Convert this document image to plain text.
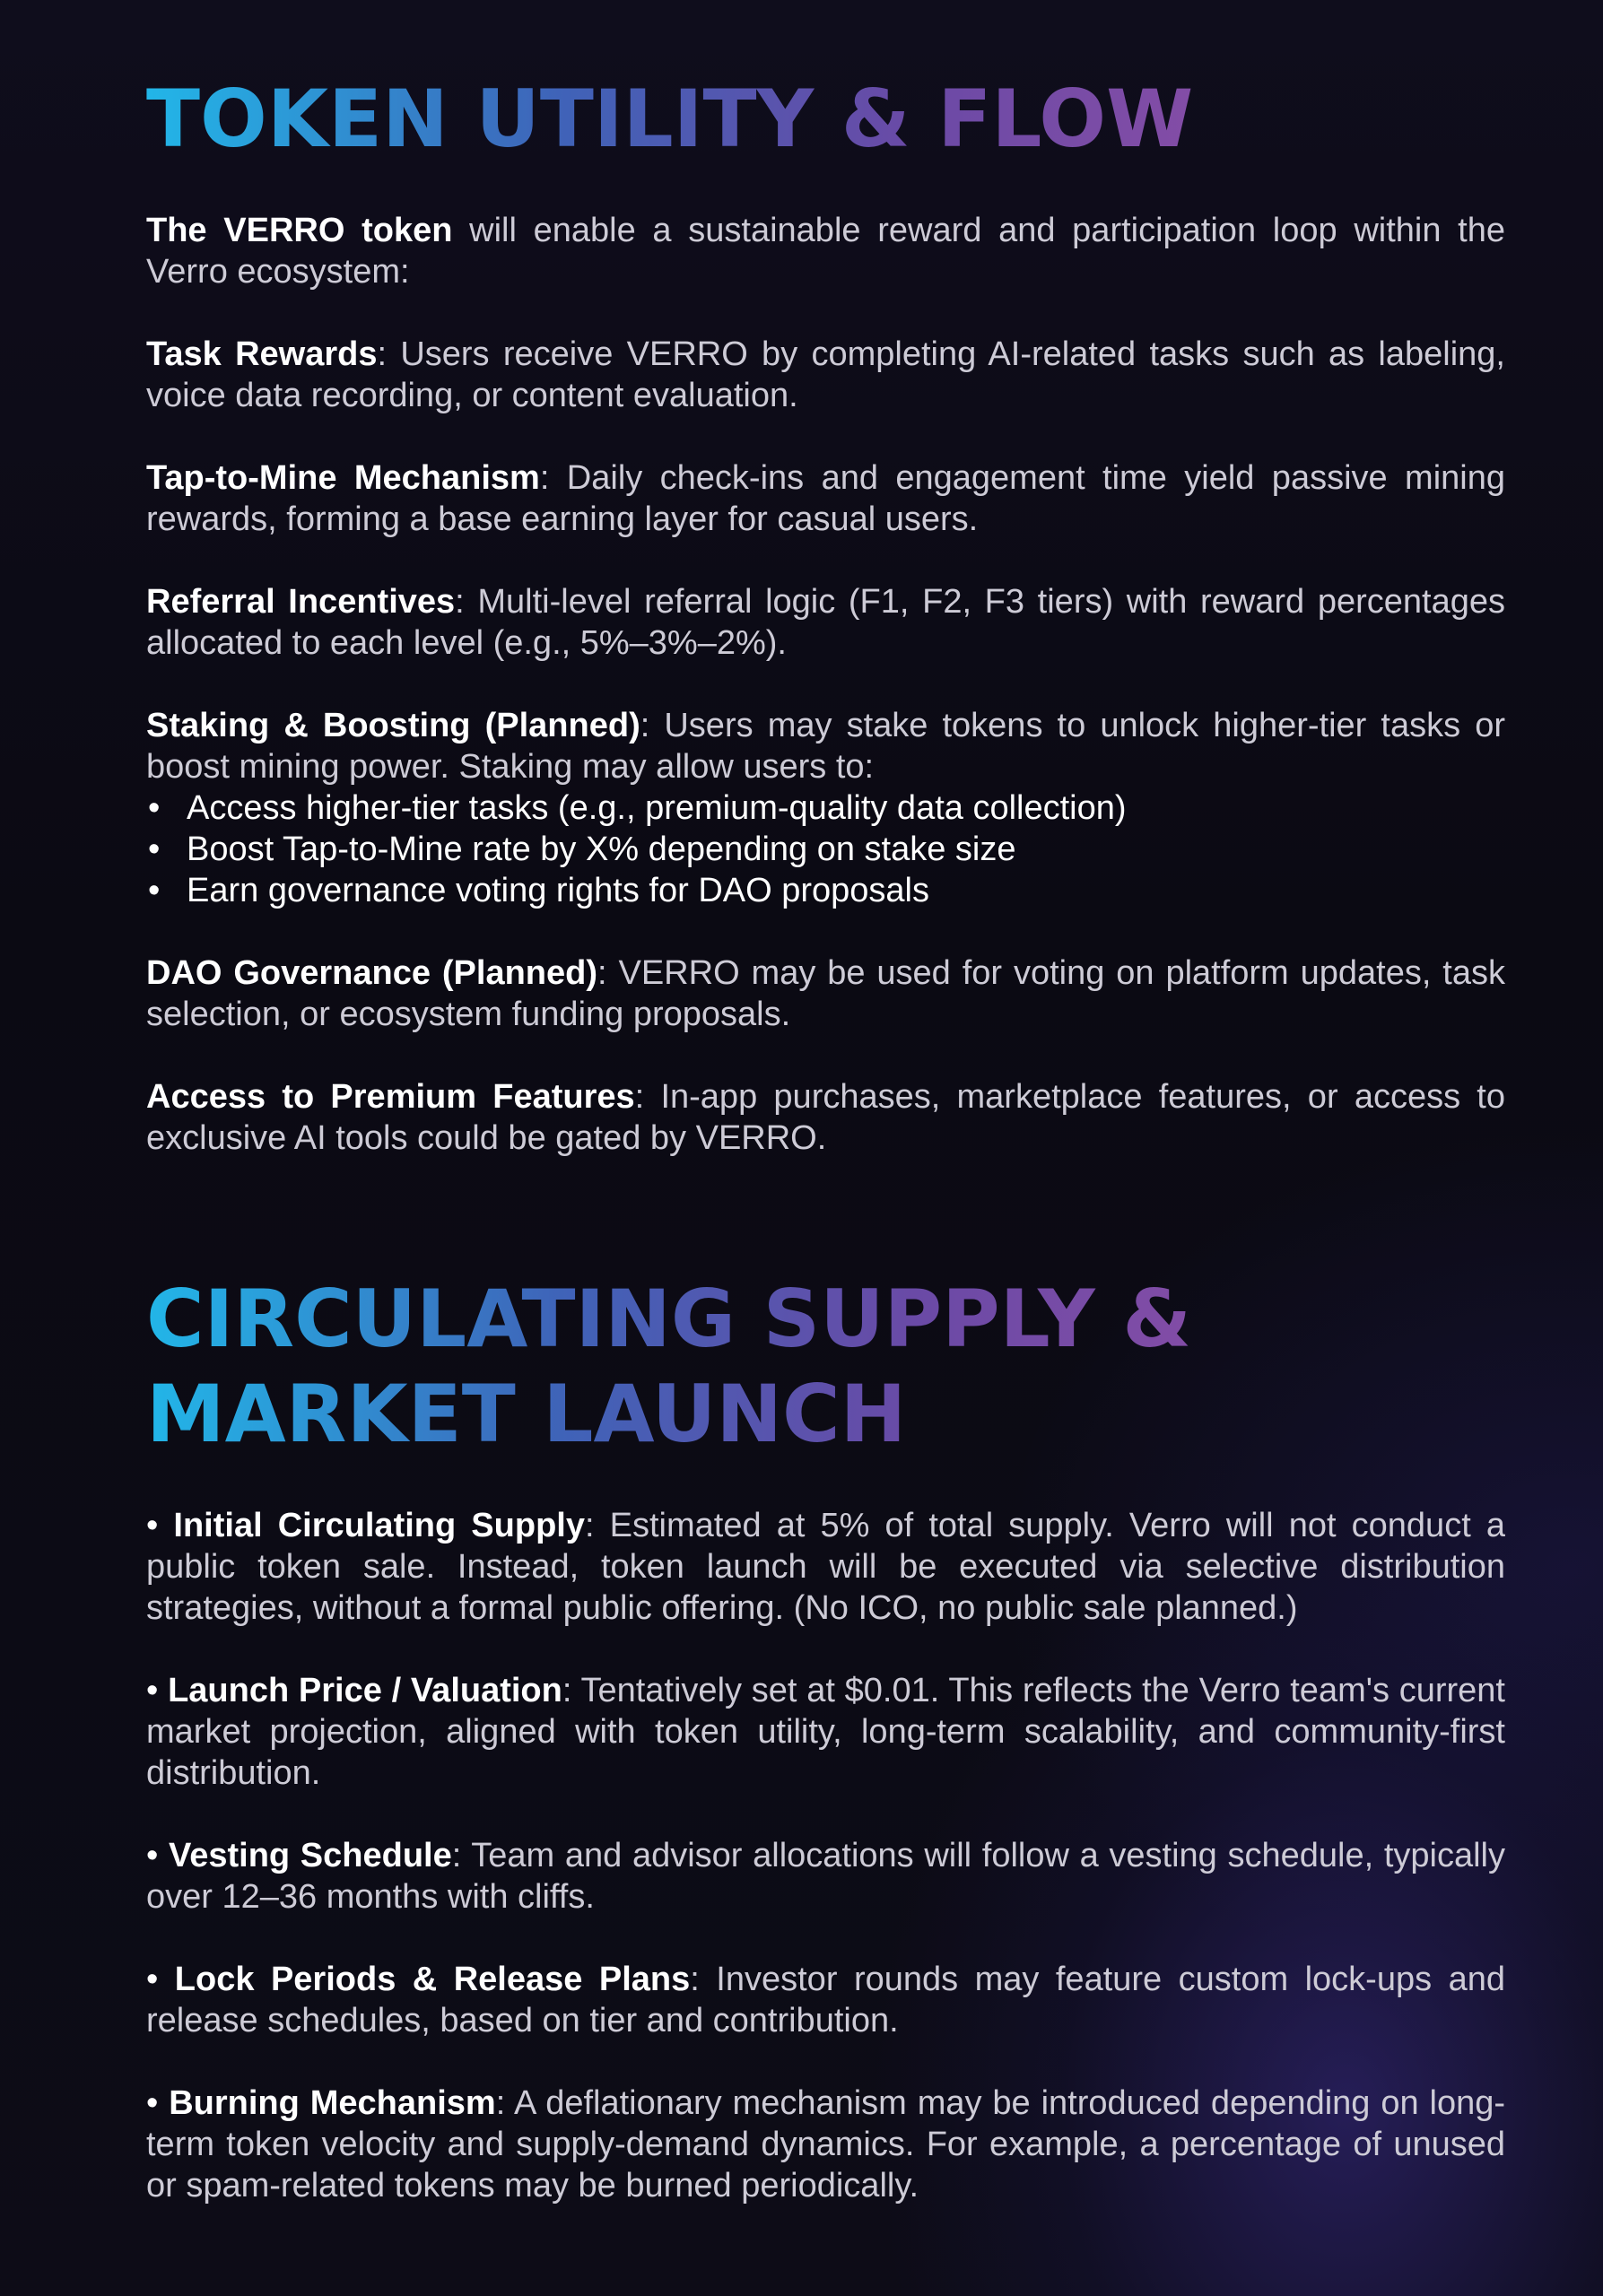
TOKEN UTILITY & FLOW

The VERRO token will enable a sustainable reward and participation loop within the Verro ecosystem:

Task Rewards: Users receive VERRO by completing AI-related tasks such as labeling, voice data recording, or content evaluation.

Tap-to-Mine Mechanism: Daily check-ins and engagement time yield passive mining rewards, forming a base earning layer for casual users.

Referral Incentives: Multi-level referral logic (F1, F2, F3 tiers) with reward percentages allocated to each level (e.g., 5%–3%–2%).

Staking & Boosting (Planned): Users may stake tokens to unlock higher-tier tasks or boost mining power. Staking may allow users to:
• Access higher-tier tasks (e.g., premium-quality data collection)
• Boost Tap-to-Mine rate by X% depending on stake size
• Earn governance voting rights for DAO proposals

DAO Governance (Planned): VERRO may be used for voting on platform updates, task selection, or ecosystem funding proposals.

Access to Premium Features: In-app purchases, marketplace features, or access to exclusive AI tools could be gated by VERRO.

CIRCULATING SUPPLY &
MARKET LAUNCH

• Initial Circulating Supply: Estimated at 5% of total supply. Verro will not conduct a public token sale. Instead, token launch will be executed via selective distribution strategies, without a formal public offering. (No ICO, no public sale planned.)

• Launch Price / Valuation: Tentatively set at $0.01. This reflects the Verro team's current market projection, aligned with token utility, long-term scalability, and community-first distribution.

• Vesting Schedule: Team and advisor allocations will follow a vesting schedule, typically over 12–36 months with cliffs.

• Lock Periods & Release Plans: Investor rounds may feature custom lock-ups and release schedules, based on tier and contribution.

• Burning Mechanism: A deflationary mechanism may be introduced depending on long-term token velocity and supply-demand dynamics. For example, a percentage of unused or spam-related tokens may be burned periodically.
